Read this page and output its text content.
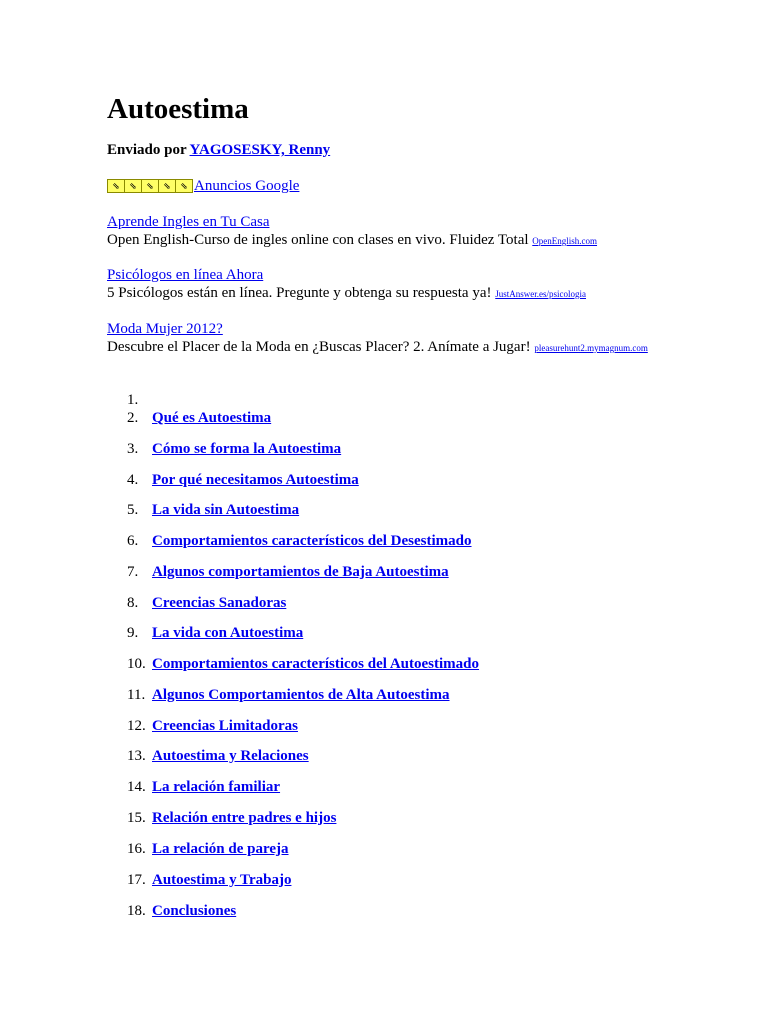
Autoestima
Enviado por YAGOSESKY, Renny
⇘	⇘	⇘	⇘	⇘ Anuncios Google
Aprende Ingles en Tu Casa
Open English-Curso de ingles online con clases en vivo. Fluidez Total OpenEnglish.com
Psicólogos en línea Ahora
5 Psicólogos están en línea. Pregunte y obtenga su respuesta ya! JustAnswer.es/psicologia
Moda Mujer 2012?
Descubre el Placer de la Moda en ¿Buscas Placer? 2. Anímate a Jugar! pleasurehunt2.mymagnum.com
1.
2. Qué es Autoestima
3. Cómo se forma la Autoestima
4. Por qué necesitamos Autoestima
5. La vida sin Autoestima
6. Comportamientos característicos del Desestimado
7. Algunos comportamientos de Baja Autoestima
8. Creencias Sanadoras
9. La vida con Autoestima
10. Comportamientos característicos del Autoestimado
11. Algunos Comportamientos de Alta Autoestima
12. Creencias Limitadoras
13. Autoestima y Relaciones
14. La relación familiar
15. Relación entre padres e hijos
16. La relación de pareja
17. Autoestima y Trabajo
18. Conclusiones
